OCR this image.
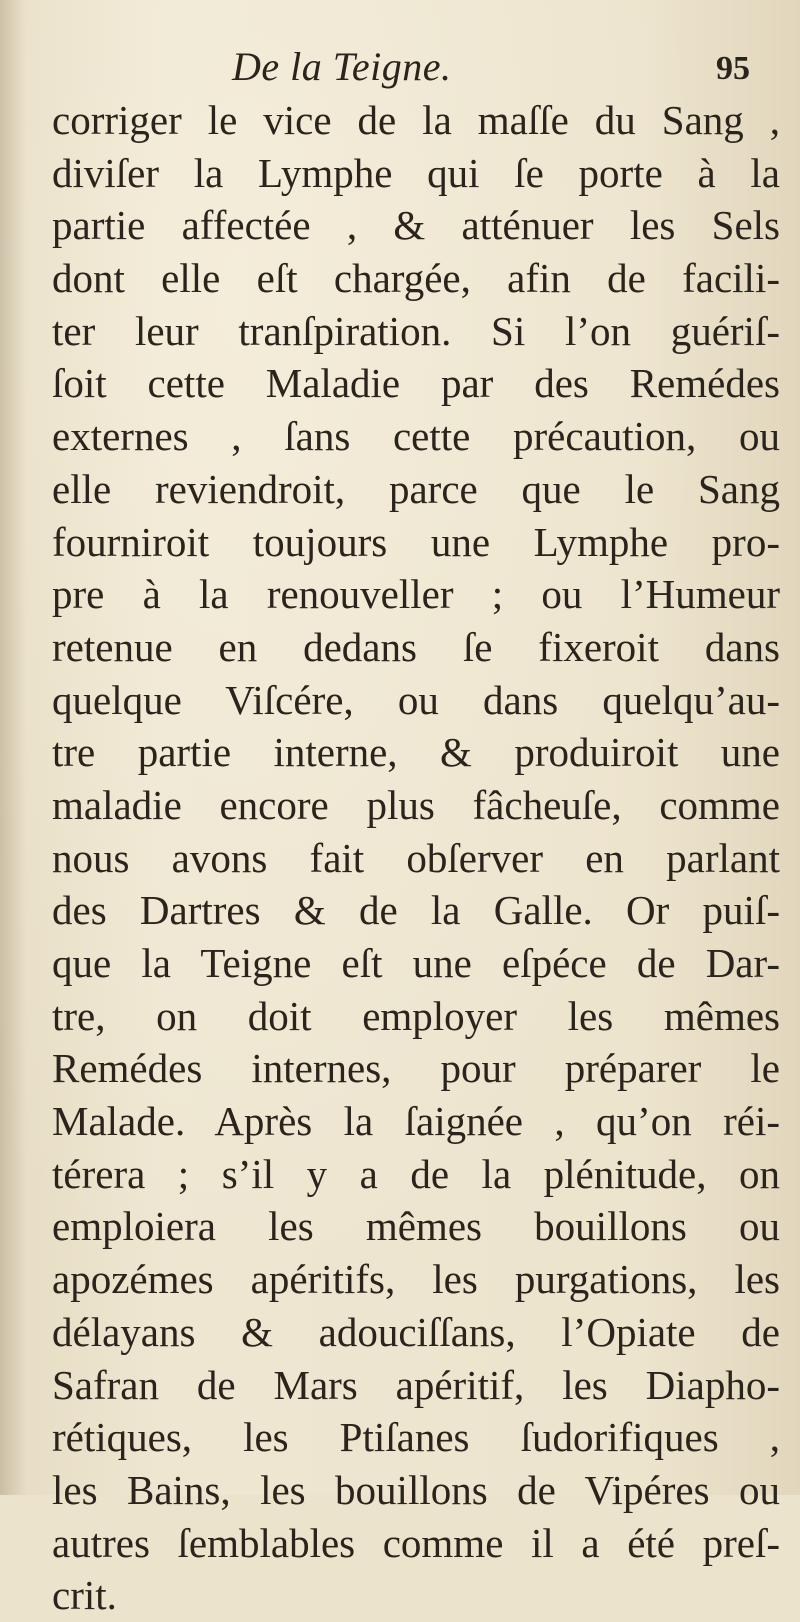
De la Teigne.	95
corriger le vice de la maſſe du Sang ,
diviſer la Lymphe qui ſe porte à la
partie affectée , & atténuer les Sels
dont elle eſt chargée, afin de facili-
ter leur tranſpiration. Si l’on guériſ-
ſoit cette Maladie par des Remédes
externes , ſans cette précaution, ou
elle reviendroit, parce que le Sang
fourniroit toujours une Lymphe pro-
pre à la renouveller ; ou l’Humeur
retenue en dedans ſe fixeroit dans
quelque Viſcére, ou dans quelqu’au-
tre partie interne, & produiroit une
maladie encore plus fâcheuſe, comme
nous avons fait obſerver en parlant
des Dartres & de la Galle. Or puiſ-
que la Teigne eſt une eſpéce de Dar-
tre, on doit employer les mêmes
Remédes internes, pour préparer le
Malade. Après la ſaignée , qu’on réi-
térera ; s’il y a de la plénitude, on
emploiera les mêmes bouillons ou
apozémes apéritifs, les purgations, les
délayans & adouciſſans, l’Opiate de
Safran de Mars apéritif, les Diapho-
rétiques, les Ptiſanes ſudorifiques ,
les Bains, les bouillons de Vipéres ou
autres ſemblables comme il a été preſ-
crit.
